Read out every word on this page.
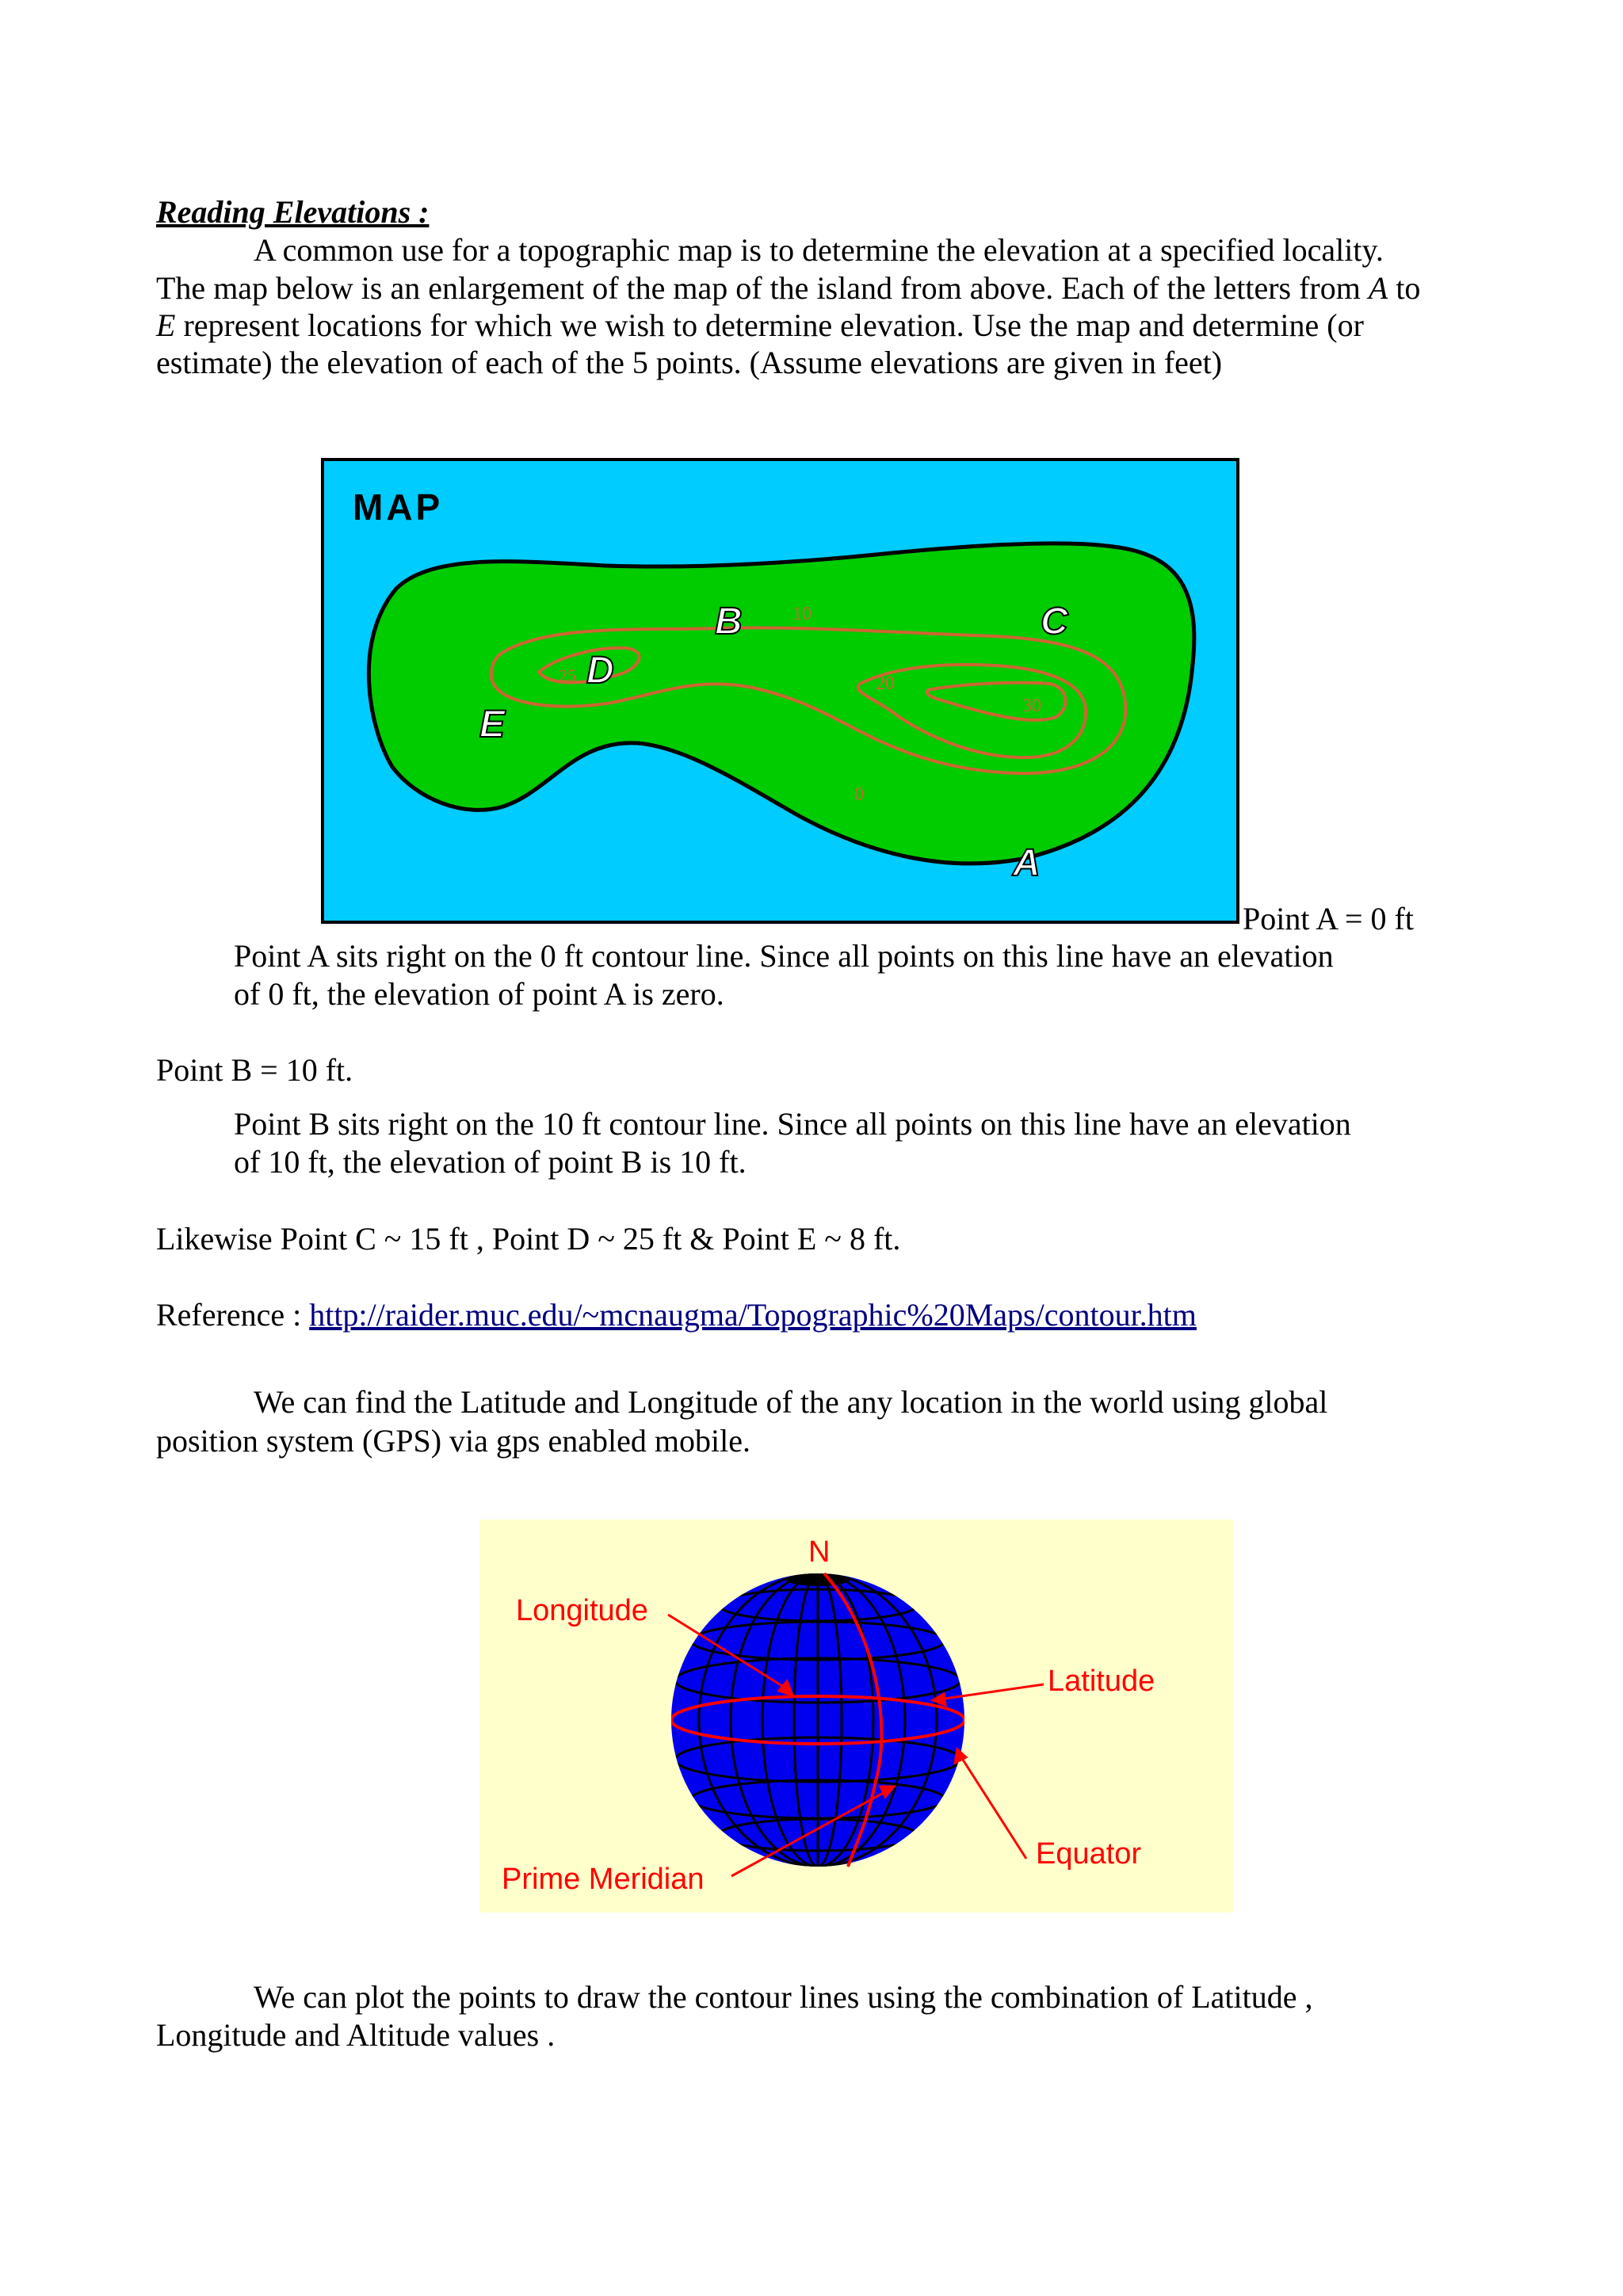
Reading Elevations :

A common use for a topographic map is to determine the elevation at a specified locality.

The map below is an enlargement of the map of the island from above. Each of the letters from A to

E represent locations for which we wish to determine elevation. Use the map and determine (or

estimate) the elevation of each of the 5 points. (Assume elevations are given in feet)

MAP
10
20
30
25
0
B	C
D
E
A

Point A = 0 ft

Point A sits right on the 0 ft contour line. Since all points on this line have an elevation

of 0 ft, the elevation of point A is zero.

Point B = 10 ft.

Point B sits right on the 10 ft contour line. Since all points on this line have an elevation

of 10 ft, the elevation of point B is 10 ft.

Likewise Point C ~ 15 ft , Point D ~ 25 ft & Point E ~ 8 ft.

Reference : http://raider.muc.edu/~mcnaugma/Topographic%20Maps/contour.htm

We can find the Latitude and Longitude of the any location in the world using global

position system (GPS) via gps enabled mobile.

N
Longitude
Latitude
Equator
Prime Meridian

We can plot the points to draw the contour lines using the combination of Latitude ,

Longitude and Altitude values .
